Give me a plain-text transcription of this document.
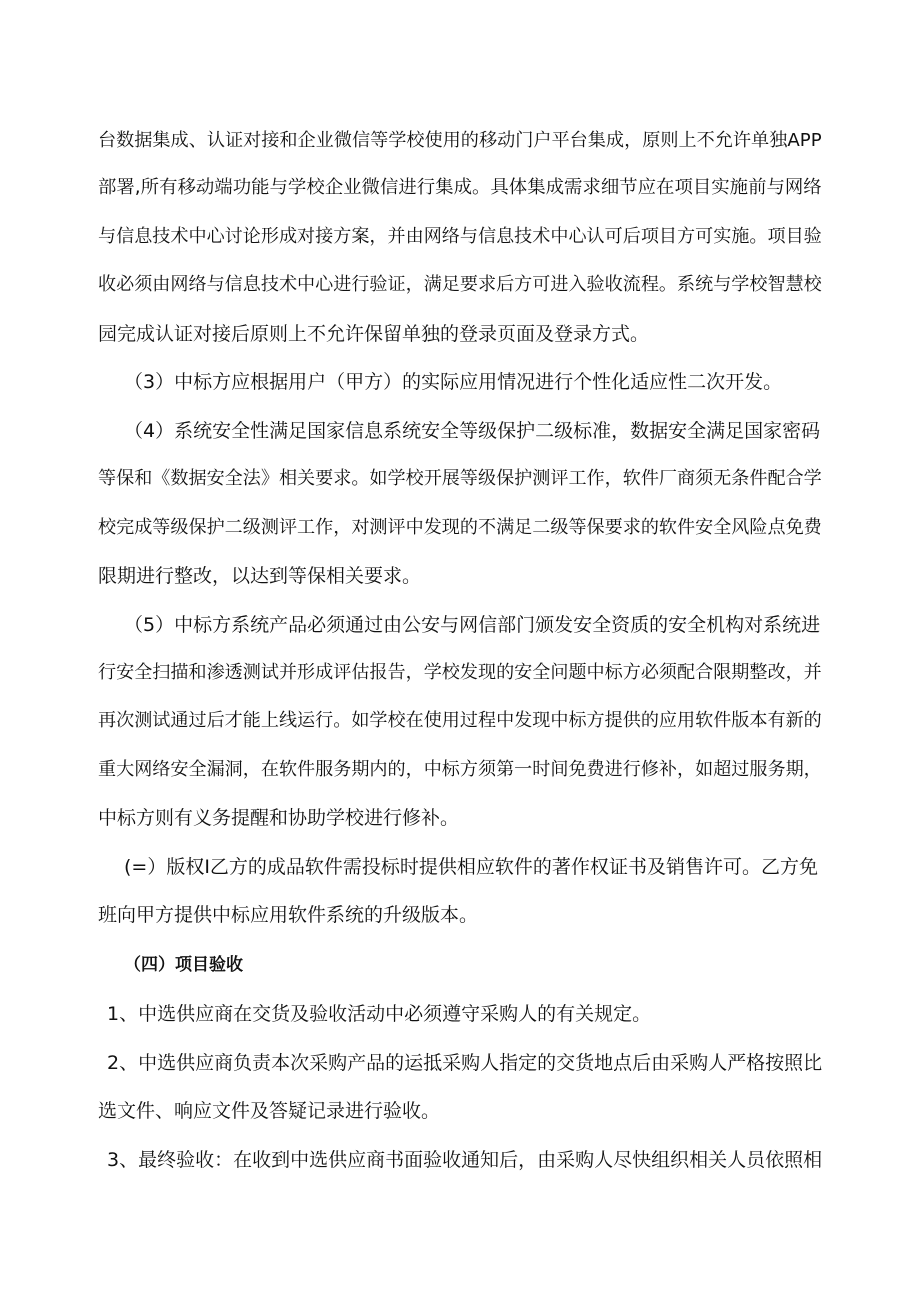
台数据集成、认证对接和企业微信等学校使用的移动门户平台集成，原则上不允许单独APP
部署,所有移动端功能与学校企业微信进行集成。具体集成需求细节应在项目实施前与网络
与信息技术中心讨论形成对接方案，并由网络与信息技术中心认可后项目方可实施。项目验
收必须由网络与信息技术中心进行验证，满足要求后方可进入验收流程。系统与学校智慧校
园完成认证对接后原则上不允许保留单独的登录页面及登录方式。
（3）中标方应根据用户（甲方）的实际应用情况进行个性化适应性二次开发。
（4）系统安全性满足国家信息系统安全等级保护二级标准，数据安全满足国家密码
等保和《数据安全法》相关要求。如学校开展等级保护测评工作，软件厂商须无条件配合学
校完成等级保护二级测评工作，对测评中发现的不满足二级等保要求的软件安全风险点免费
限期进行整改，以达到等保相关要求。
（5）中标方系统产品必须通过由公安与网信部门颁发安全资质的安全机构对系统进
行安全扫描和渗透测试并形成评估报告，学校发现的安全问题中标方必须配合限期整改，并
再次测试通过后才能上线运行。如学校在使用过程中发现中标方提供的应用软件版本有新的
重大网络安全漏洞，在软件服务期内的，中标方须第一时间免费进行修补，如超过服务期，
中标方则有义务提醒和协助学校进行修补。
(=）版权I乙方的成品软件需投标时提供相应软件的著作权证书及销售许可。乙方免
班向甲方提供中标应用软件系统的升级版本。
（四）项目验收
1、中选供应商在交货及验收活动中必须遵守采购人的有关规定。
2、中选供应商负责本次采购产品的运抵采购人指定的交货地点后由采购人严格按照比
选文件、响应文件及答疑记录进行验收。
3、最终验收：在收到中选供应商书面验收通知后，由采购人尽快组织相关人员依照相
